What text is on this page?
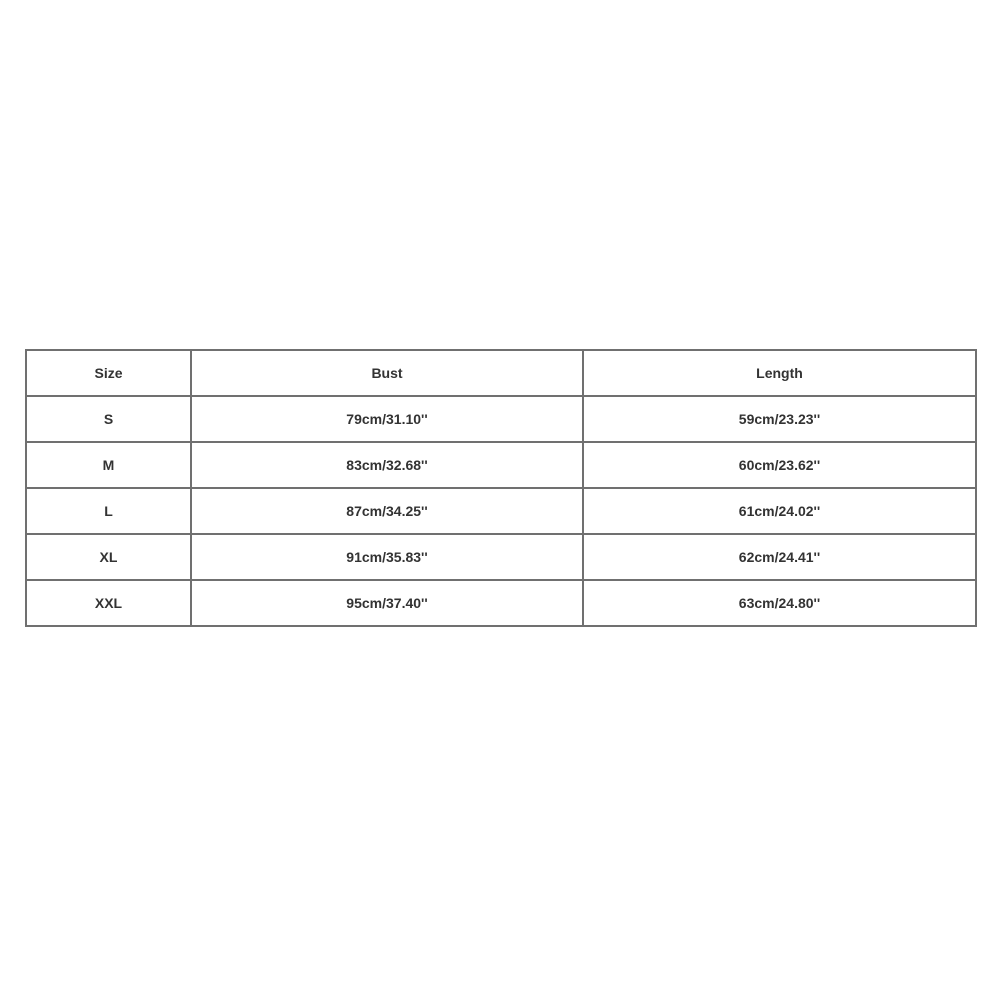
Size	Bust	Length
S	79cm/31.10''	59cm/23.23''
M	83cm/32.68''	60cm/23.62''
L	87cm/34.25''	61cm/24.02''
XL	91cm/35.83''	62cm/24.41''
XXL	95cm/37.40''	63cm/24.80''
